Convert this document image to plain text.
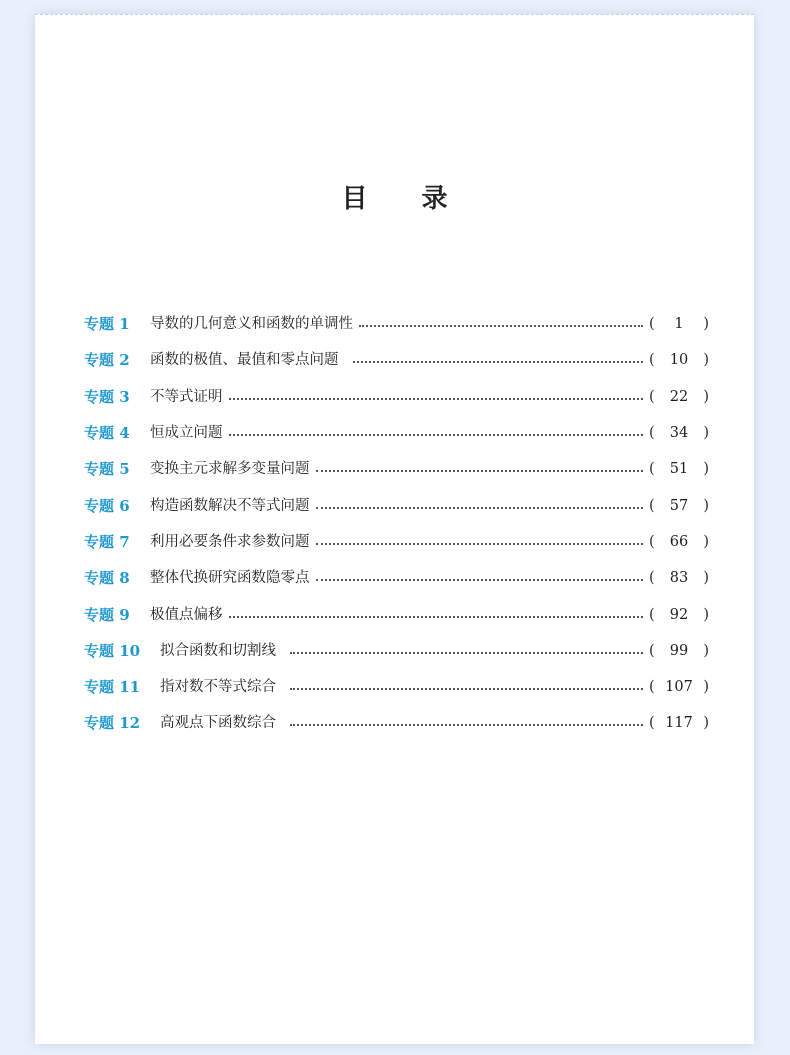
目录
专题 1	导数的几何意义和函数的单调性	(	1	)
专题 2	函数的极值、最值和零点问题	(	10	)
专题 3	不等式证明	(	22	)
专题 4	恒成立问题	(	34	)
专题 5	变换主元求解多变量问题	(	51	)
专题 6	构造函数解决不等式问题	(	57	)
专题 7	利用必要条件求参数问题	(	66	)
专题 8	整体代换研究函数隐零点	(	83	)
专题 9	极值点偏移	(	92	)
专题 10	拟合函数和切割线	(	99	)
专题 11	指对数不等式综合	( 107 )
专题 12	高观点下函数综合	( 117 )
